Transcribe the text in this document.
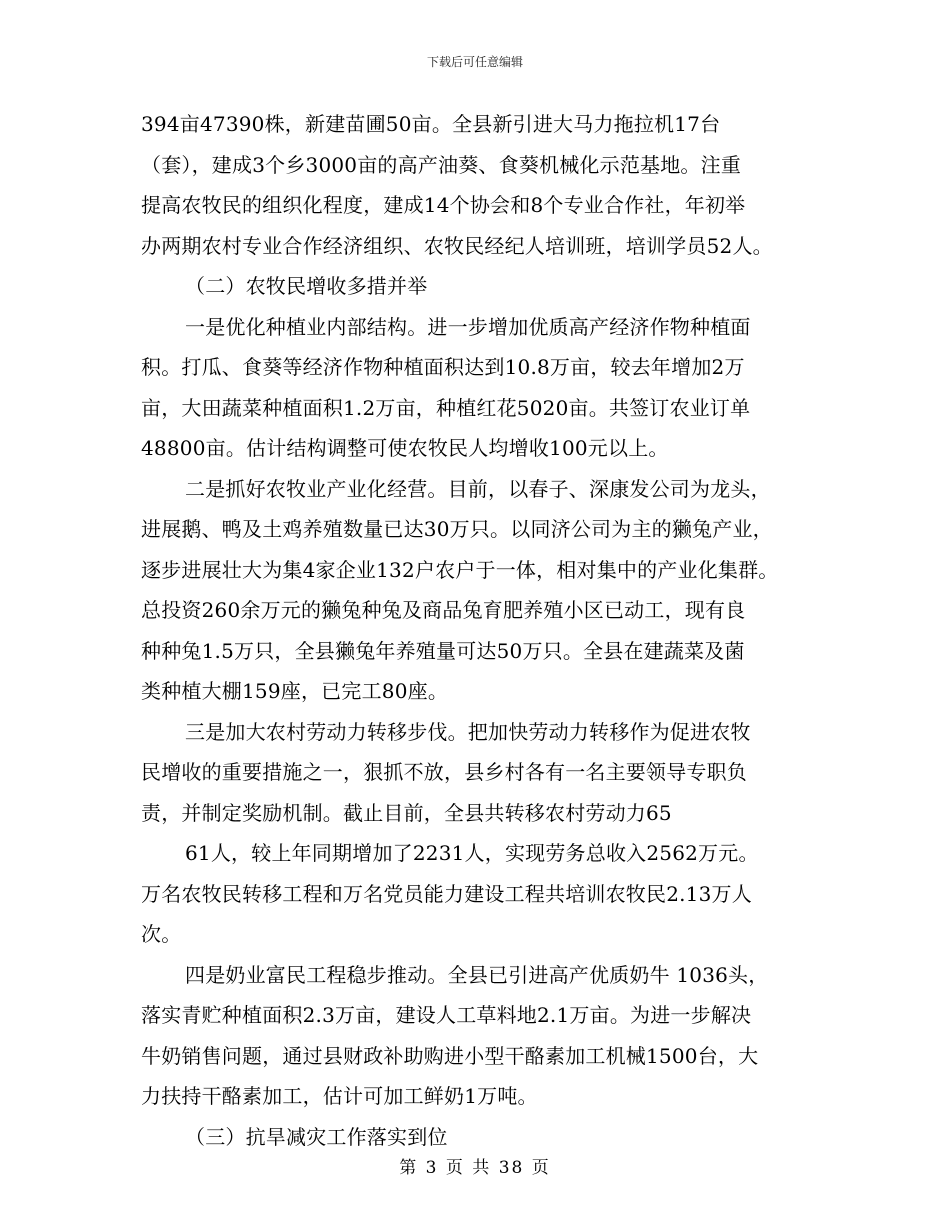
下载后可任意编辑
394亩47390株，新建苗圃50亩。全县新引进大马力拖拉机17台
（套），建成3个乡3000亩的高产油葵、食葵机械化示范基地。注重
提高农牧民的组织化程度，建成14个协会和8个专业合作社，年初举
办两期农村专业合作经济组织、农牧民经纪人培训班，培训学员52人。
（二）农牧民增收多措并举
一是优化种植业内部结构。进一步增加优质高产经济作物种植面
积。打瓜、食葵等经济作物种植面积达到10.8万亩，较去年增加2万
亩，大田蔬菜种植面积1.2万亩，种植红花5020亩。共签订农业订单
48800亩。估计结构调整可使农牧民人均增收100元以上。
二是抓好农牧业产业化经营。目前，以春子、深康发公司为龙头，
进展鹅、鸭及土鸡养殖数量已达30万只。以同济公司为主的獭兔产业，
逐步进展壮大为集4家企业132户农户于一体，相对集中的产业化集群。
总投资260余万元的獭兔种兔及商品兔育肥养殖小区已动工，现有良
种种兔1.5万只，全县獭兔年养殖量可达50万只。全县在建蔬菜及菌
类种植大棚159座，已完工80座。
三是加大农村劳动力转移步伐。把加快劳动力转移作为促进农牧
民增收的重要措施之一，狠抓不放，县乡村各有一名主要领导专职负
责，并制定奖励机制。截止目前，全县共转移农村劳动力65
61人，较上年同期增加了2231人，实现劳务总收入2562万元。
万名农牧民转移工程和万名党员能力建设工程共培训农牧民2.13万人
次。
四是奶业富民工程稳步推动。全县已引进高产优质奶牛 1036头，
落实青贮种植面积2.3万亩，建设人工草料地2.1万亩。为进一步解决
牛奶销售问题，通过县财政补助购进小型干酪素加工机械1500台，大
力扶持干酪素加工，估计可加工鲜奶1万吨。
（三）抗旱减灾工作落实到位
第 3 页 共 38 页
